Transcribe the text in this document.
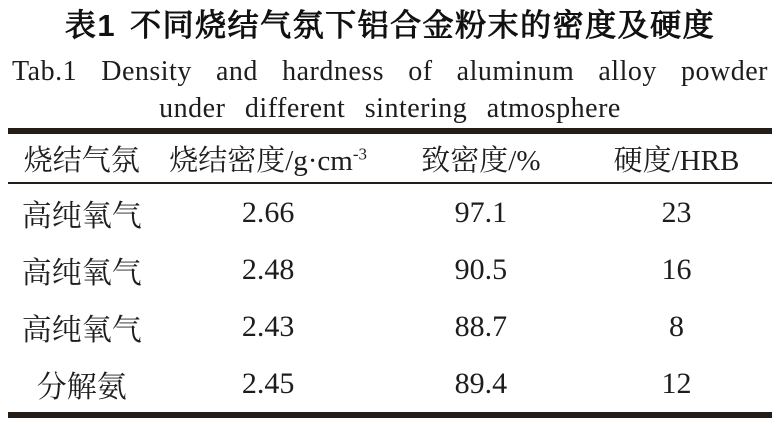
表1 不同烧结气氛下铝合金粉末的密度及硬度
Tab.1 Density and hardness of aluminum alloy powder
under different sintering atmosphere
烧结气氛	烧结密度$/g\cdot cm^{-3}$	致密度/%	硬度/HRB
高纯氧气	2.66	97.1	23
高纯氧气	2.48	90.5	16
高纯氧气	2.43	88.7	8
分解氨	2.45	89.4	12
